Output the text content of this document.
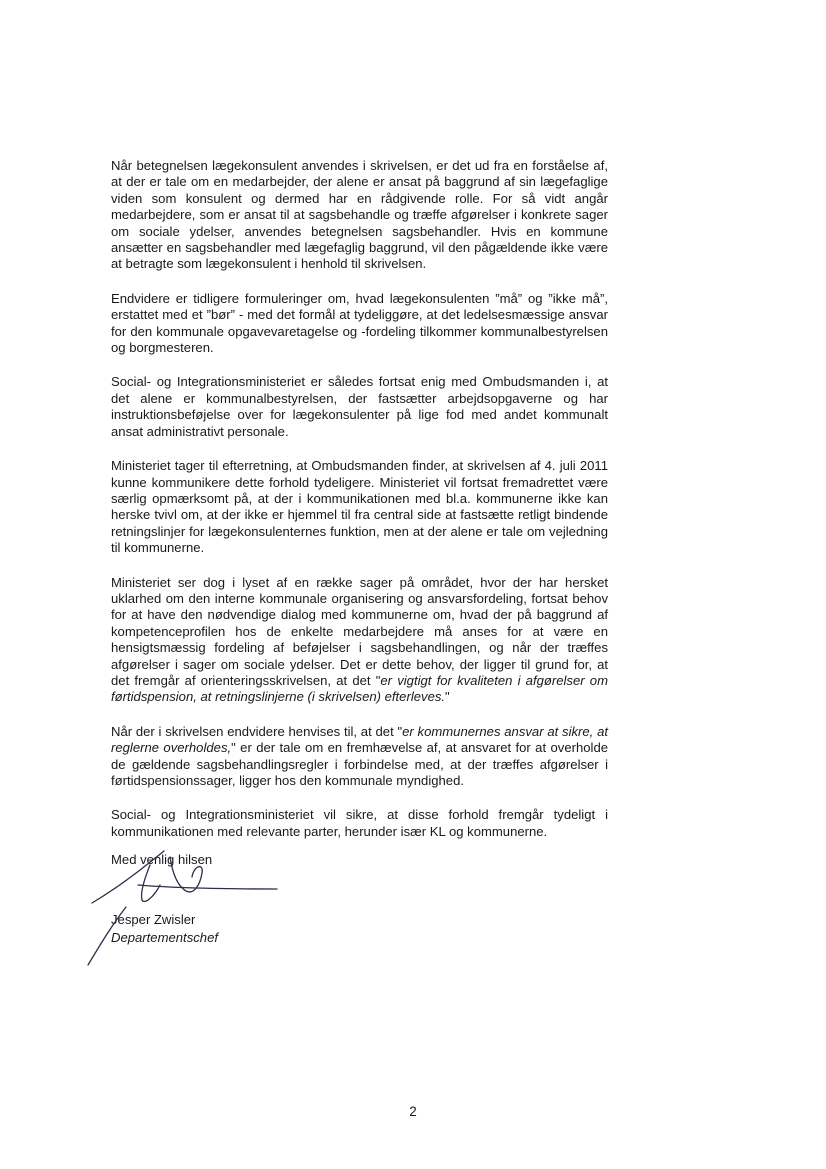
Når betegnelsen lægekonsulent anvendes i skrivelsen, er det ud fra en forståelse af, at der er tale om en medarbejder, der alene er ansat på baggrund af sin lægefaglige viden som konsulent og dermed har en rådgivende rolle. For så vidt angår medarbejdere, som er ansat til at sagsbehandle og træffe afgørelser i konkrete sager om sociale ydelser, anvendes betegnelsen sagsbehandler. Hvis en kommune ansætter en sagsbehandler med lægefaglig baggrund, vil den pågældende ikke være at betragte som lægekonsulent i henhold til skrivelsen.

Endvidere er tidligere formuleringer om, hvad lægekonsulenten ”må” og ”ikke må”, erstattet med et ”bør” - med det formål at tydeliggøre, at det ledelsesmæssige ansvar for den kommunale opgavevaretagelse og -fordeling tilkommer kommunalbestyrelsen og borgmesteren.

Social- og Integrationsministeriet er således fortsat enig med Ombudsmanden i, at det alene er kommunalbestyrelsen, der fastsætter arbejdsopgaverne og har instruktionsbeføjelse over for lægekonsulenter på lige fod med andet kommunalt ansat administrativt personale.

Ministeriet tager til efterretning, at Ombudsmanden finder, at skrivelsen af 4. juli 2011 kunne kommunikere dette forhold tydeligere. Ministeriet vil fortsat fremadrettet være særlig opmærksomt på, at der i kommunikationen med bl.a. kommunerne ikke kan herske tvivl om, at der ikke er hjemmel til fra central side at fastsætte retligt bindende retningslinjer for lægekonsulenternes funktion, men at der alene er tale om vejledning til kommunerne.

Ministeriet ser dog i lyset af en række sager på området, hvor der har hersket uklarhed om den interne kommunale organisering og ansvarsfordeling, fortsat behov for at have den nødvendige dialog med kommunerne om, hvad der på baggrund af kompetenceprofilen hos de enkelte medarbejdere må anses for at være en hensigtsmæssig fordeling af beføjelser i sagsbehandlingen, og når der træffes afgørelser i sager om sociale ydelser. Det er dette behov, der ligger til grund for, at det fremgår af orienteringsskrivelsen, at det "er vigtigt for kvaliteten i afgørelser om førtidspension, at retningslinjerne (i skrivelsen) efterleves."

Når der i skrivelsen endvidere henvises til, at det "er kommunernes ansvar at sikre, at reglerne overholdes," er der tale om en fremhævelse af, at ansvaret for at overholde de gældende sagsbehandlingsregler i forbindelse med, at der træffes afgørelser i førtidspensionssager, ligger hos den kommunale myndighed.

Social- og Integrationsministeriet vil sikre, at disse forhold fremgår tydeligt i kommunikationen med relevante parter, herunder især KL og kommunerne.

Med venlig hilsen
Jesper Zwisler
Departementschef
2
